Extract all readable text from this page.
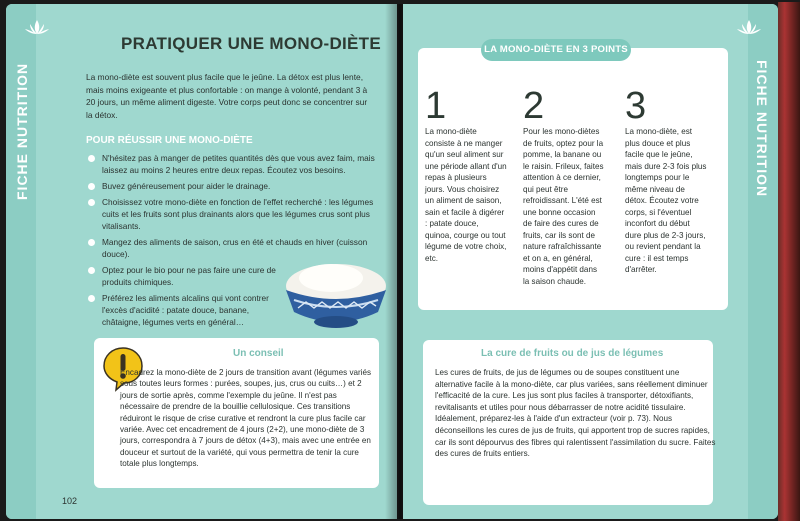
FICHE NUTRITION
PRATIQUER UNE MONO-DIÈTE

La mono-diète est souvent plus facile que le jeûne. La détox est plus lente, mais moins exigeante et plus confortable : on mange à volonté, pendant 3 à 20 jours, un même aliment digeste. Votre corps peut donc se concentrer sur la détox.

POUR RÉUSSIR UNE MONO-DIÈTE
N'hésitez pas à manger de petites quantités dès que vous avez faim, mais laissez au moins 2 heures entre deux repas. Écoutez vos besoins.
Buvez généreusement pour aider le drainage.
Choisissez votre mono-diète en fonction de l'effet recherché : les légumes cuits et les fruits sont plus drainants alors que les légumes crus sont plus vitalisants.
Mangez des aliments de saison, crus en été et chauds en hiver (cuisson douce).
Optez pour le bio pour ne pas faire une cure de produits chimiques.
Préférez les aliments alcalins qui vont contrer l'excès d'acidité : patate douce, banane, châtaigne, légumes verts en général…
Un conseil

Encadrez la mono-diète de 2 jours de transition avant (légumes variés sous toutes leurs formes : purées, soupes, jus, crus ou cuits…) et 2 jours de sortie après, comme l'exemple du jeûne. Il n'est pas nécessaire de prendre de la bouillie cellulosique. Ces transitions réduiront le risque de crise curative et rendront la cure plus facile car variée. Avec cet encadrement de 4 jours (2+2), une mono-diète de 3 jours, correspondra à 7 jours de détox (4+3), mais avec une entrée en douceur et surtout de la variété, qui vous permettra de tenir la cure totale plus longtemps.

102
FICHE NUTRITION
LA MONO-DIÈTE EN 3 POINTS
1

La mono-diète consiste à ne manger qu'un seul aliment sur une période allant d'un repas à plusieurs jours. Vous choisirez un aliment de saison, sain et facile à digérer : patate douce, quinoa, courge ou tout légume de votre choix, etc.

2

Pour les mono-diètes de fruits, optez pour la pomme, la banane ou le raisin. Frileux, faites attention à ce dernier, qui peut être refroidissant. L'été est une bonne occasion de faire des cures de fruits, car ils sont de nature rafraîchissante et on a, en général, moins d'appétit dans la saison chaude.

3

La mono-diète, est plus douce et plus facile que le jeûne, mais dure 2-3 fois plus longtemps pour le même niveau de détox. Écoutez votre corps, si l'éventuel inconfort du début dure plus de 2-3 jours, ou revient pendant la cure : il est temps d'arrêter.

La cure de fruits ou de jus de légumes

Les cures de fruits, de jus de légumes ou de soupes constituent une alternative facile à la mono-diète, car plus variées, sans réellement diminuer l'efficacité de la cure. Les jus sont plus faciles à transporter, détoxifiants, revitalisants et utiles pour nous débarrasser de notre acidité tissulaire. Idéalement, préparez-les à l'aide d'un extracteur (voir p. 73). Nous déconseillons les cures de jus de fruits, qui apportent trop de sucres rapides, car ils sont dépourvus des fibres qui ralentissent l'assimilation du sucre. Faites des cures de fruits entiers.
